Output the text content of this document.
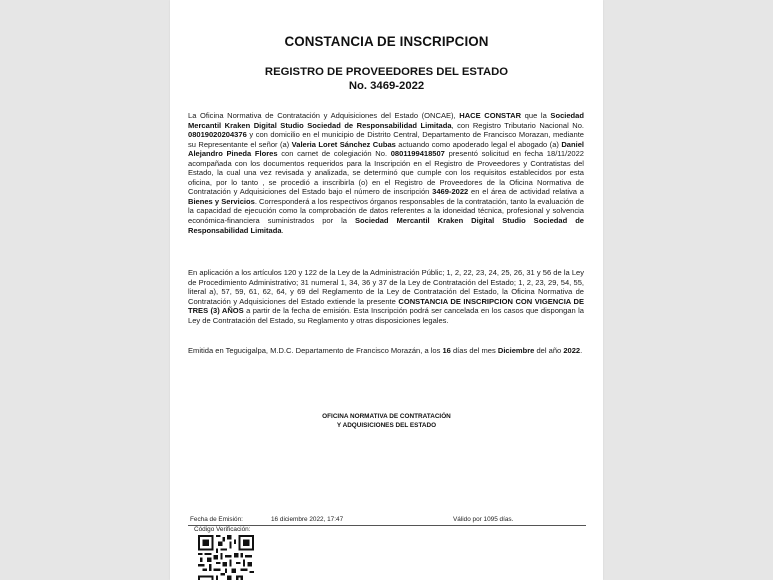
CONSTANCIA DE INSCRIPCION
REGISTRO DE PROVEEDORES DEL ESTADO
No. 3469-2022

La Oficina Normativa de Contratación y Adquisiciones del Estado (ONCAE), HACE CONSTAR que la Sociedad Mercantil Kraken Digital Studio Sociedad de Responsabilidad Limitada, con Registro Tributario Nacional No. 08019020204376 y con domicilio en el municipio de Distrito Central, Departamento de Francisco Morazan, mediante su Representante el señor (a) Valeria Loret Sánchez Cubas actuando como apoderado legal el abogado (a) Daniel Alejandro Pineda Flores con carnet de colegiación No. 0801199418507 presentó solicitud en fecha 18/11/2022 acompañada con los documentos requeridos para la Inscripción en el Registro de Proveedores y Contratistas del Estado, la cual una vez revisada y analizada, se determinó que cumple con los requisitos establecidos por esta oficina, por lo tanto , se procedió a inscribirla (o) en el Registro de Proveedores de la Oficina Normativa de Contratación y Adquisiciones del Estado bajo el número de inscripción 3469-2022 en el área de actividad relativa a Bienes y Servicios. Corresponderá a los respectivos órganos responsables de la contratación, tanto la evaluación de la capacidad de ejecución como la comprobación de datos referentes a la idoneidad técnica, profesional y solvencia económica-financiera suministrados por la Sociedad Mercantil Kraken Digital Studio Sociedad de Responsabilidad Limitada.

En aplicación a los artículos 120 y 122 de la Ley de la Administración Públic; 1, 2, 22, 23, 24, 25, 26, 31 y 56 de la Ley de Procedimiento Administrativo; 31 numeral 1, 34, 36 y 37 de la Ley de Contratación del Estado; 1, 2, 23, 29, 54, 55, literal a), 57, 59, 61, 62, 64, y 69 del Reglamento de la Ley de Contratación del Estado, la Oficina Normativa de Contratación y Adquisiciones del Estado extiende la presente CONSTANCIA DE INSCRIPCION CON VIGENCIA DE TRES (3) AÑOS a partir de la fecha de emisión. Esta Inscripción podrá ser cancelada en los casos que dispongan la Ley de Contratación del Estado, su Reglamento y otras disposiciones legales.

Emitida en Tegucigalpa, M.D.C. Departamento de Francisco Morazán, a los 16 días del mes Diciembre del año 2022.

OFICINA NORMATIVA DE CONTRATACIÓN
Y ADQUISICIONES DEL ESTADO
Fecha de Emisión:	16 diciembre 2022, 17:47	Válido por 1095 días.
Código Verificación:
